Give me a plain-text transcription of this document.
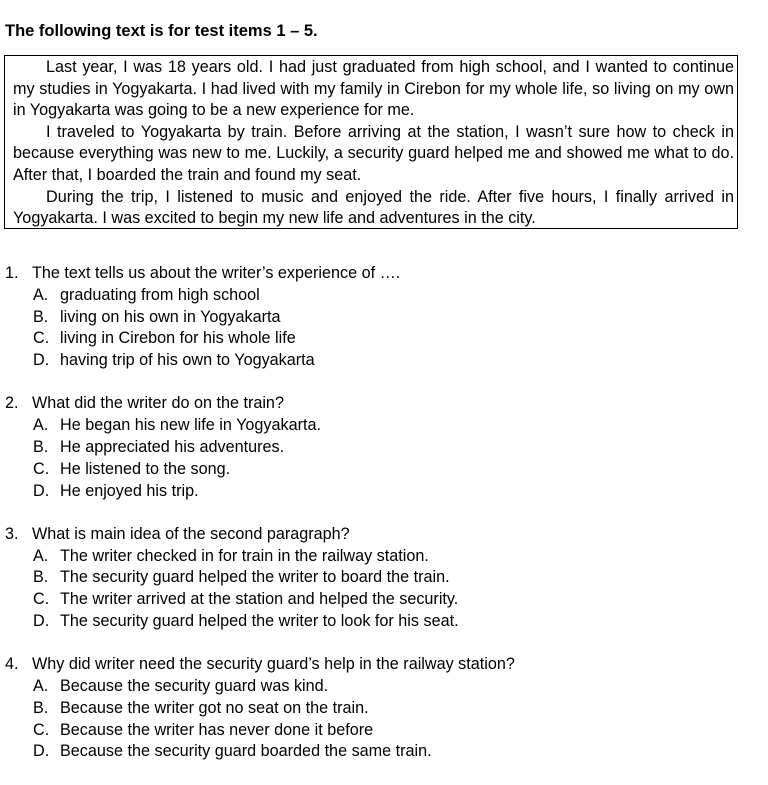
The following text is for test items 1 – 5.

Last year, I was 18 years old. I had just graduated from high school, and I wanted to continue my studies in Yogyakarta. I had lived with my family in Cirebon for my whole life, so living on my own in Yogyakarta was going to be a new experience for me.

I traveled to Yogyakarta by train. Before arriving at the station, I wasn’t sure how to check in because everything was new to me. Luckily, a security guard helped me and showed me what to do. After that, I boarded the train and found my seat.

During the trip, I listened to music and enjoyed the ride. After five hours, I finally arrived in Yogyakarta. I was excited to begin my new life and adventures in the city.

1. The text tells us about the writer’s experience of ….
A. graduating from high school
B. living on his own in Yogyakarta
C. living in Cirebon for his whole life
D. having trip of his own to Yogyakarta
2. What did the writer do on the train?
A. He began his new life in Yogyakarta.
B. He appreciated his adventures.
C. He listened to the song.
D. He enjoyed his trip.
3. What is main idea of the second paragraph?
A. The writer checked in for train in the railway station.
B. The security guard helped the writer to board the train.
C. The writer arrived at the station and helped the security.
D. The security guard helped the writer to look for his seat.
4. Why did writer need the security guard’s help in the railway station?
A. Because the security guard was kind.
B. Because the writer got no seat on the train.
C. Because the writer has never done it before
D. Because the security guard boarded the same train.
